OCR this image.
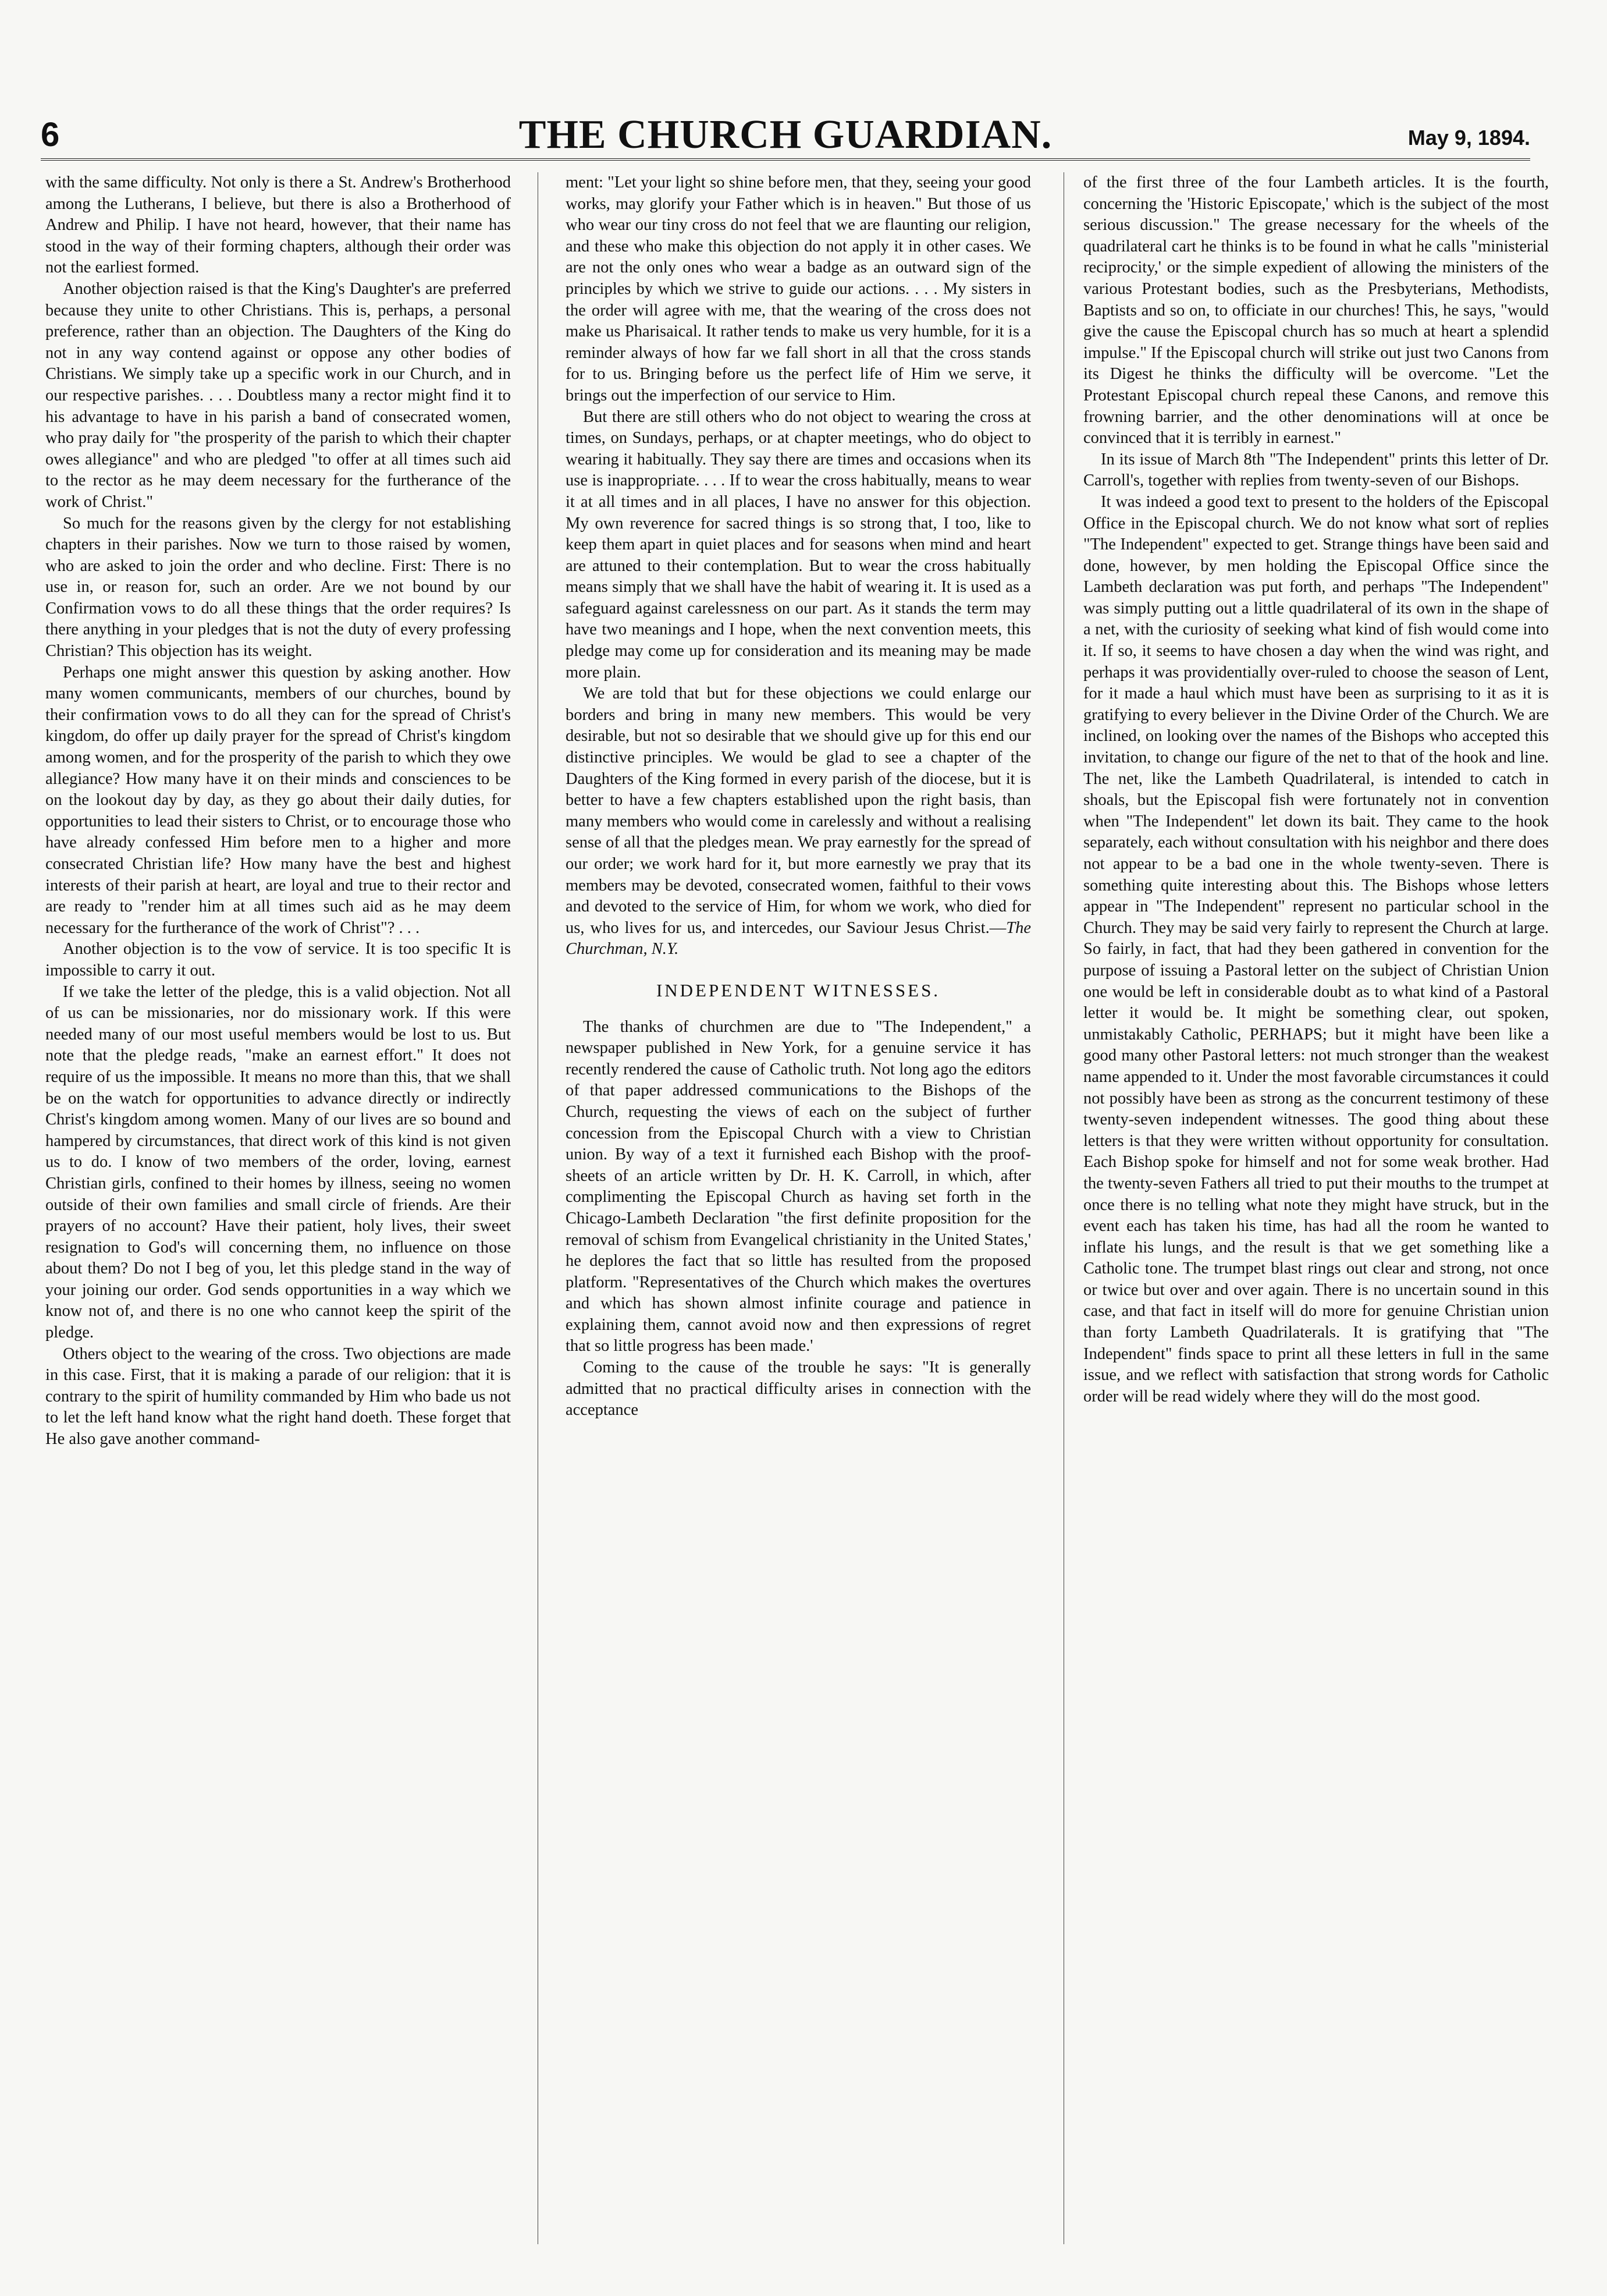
6	THE CHURCH GUARDIAN.	May 9, 1894.

with the same difficulty. Not only is there a St. Andrew's Brotherhood among the Lutherans, I believe, but there is also a Brotherhood of Andrew and Philip. I have not heard, however, that their name has stood in the way of their forming chapters, although their order was not the earliest formed.

Another objection raised is that the King's Daughter's are preferred because they unite to other Christians. This is, perhaps, a personal preference, rather than an objection. The Daughters of the King do not in any way contend against or oppose any other bodies of Christians. We simply take up a specific work in our Church, and in our respective parishes. . . . Doubtless many a rector might find it to his advantage to have in his parish a band of consecrated women, who pray daily for "the prosperity of the parish to which their chapter owes allegiance" and who are pledged "to offer at all times such aid to the rector as he may deem necessary for the furtherance of the work of Christ."

So much for the reasons given by the clergy for not establishing chapters in their parishes. Now we turn to those raised by women, who are asked to join the order and who decline. First: There is no use in, or reason for, such an order. Are we not bound by our Confirmation vows to do all these things that the order requires? Is there anything in your pledges that is not the duty of every professing Christian? This objection has its weight.

Perhaps one might answer this question by asking another. How many women communicants, members of our churches, bound by their confirmation vows to do all they can for the spread of Christ's kingdom, do offer up daily prayer for the spread of Christ's kingdom among women, and for the prosperity of the parish to which they owe allegiance? How many have it on their minds and consciences to be on the lookout day by day, as they go about their daily duties, for opportunities to lead their sisters to Christ, or to encourage those who have already confessed Him before men to a higher and more consecrated Christian life? How many have the best and highest interests of their parish at heart, are loyal and true to their rector and are ready to "render him at all times such aid as he may deem necessary for the furtherance of the work of Christ"? . . .

Another objection is to the vow of service. It is too specific It is impossible to carry it out.

If we take the letter of the pledge, this is a valid objection. Not all of us can be missionaries, nor do missionary work. If this were needed many of our most useful members would be lost to us. But note that the pledge reads, "make an earnest effort." It does not require of us the impossible. It means no more than this, that we shall be on the watch for opportunities to advance directly or indirectly Christ's kingdom among women. Many of our lives are so bound and hampered by circumstances, that direct work of this kind is not given us to do. I know of two members of the order, loving, earnest Christian girls, confined to their homes by illness, seeing no women outside of their own families and small circle of friends. Are their prayers of no account? Have their patient, holy lives, their sweet resignation to God's will concerning them, no influence on those about them? Do not I beg of you, let this pledge stand in the way of your joining our order. God sends opportunities in a way which we know not of, and there is no one who cannot keep the spirit of the pledge.

Others object to the wearing of the cross. Two objections are made in this case. First, that it is making a parade of our religion: that it is contrary to the spirit of humility commanded by Him who bade us not to let the left hand know what the right hand doeth. These forget that He also gave another command-

ment: "Let your light so shine before men, that they, seeing your good works, may glorify your Father which is in heaven." But those of us who wear our tiny cross do not feel that we are flaunting our religion, and these who make this objection do not apply it in other cases. We are not the only ones who wear a badge as an outward sign of the principles by which we strive to guide our actions. . . . My sisters in the order will agree with me, that the wearing of the cross does not make us Pharisaical. It rather tends to make us very humble, for it is a reminder always of how far we fall short in all that the cross stands for to us. Bringing before us the perfect life of Him we serve, it brings out the imperfection of our service to Him.

But there are still others who do not object to wearing the cross at times, on Sundays, perhaps, or at chapter meetings, who do object to wearing it habitually. They say there are times and occasions when its use is inappropriate. . . . If to wear the cross habitually, means to wear it at all times and in all places, I have no answer for this objection. My own reverence for sacred things is so strong that, I too, like to keep them apart in quiet places and for seasons when mind and heart are attuned to their contemplation. But to wear the cross habitually means simply that we shall have the habit of wearing it. It is used as a safeguard against carelessness on our part. As it stands the term may have two meanings and I hope, when the next convention meets, this pledge may come up for consideration and its meaning may be made more plain.

We are told that but for these objections we could enlarge our borders and bring in many new members. This would be very desirable, but not so desirable that we should give up for this end our distinctive principles. We would be glad to see a chapter of the Daughters of the King formed in every parish of the diocese, but it is better to have a few chapters established upon the right basis, than many members who would come in carelessly and without a realising sense of all that the pledges mean. We pray earnestly for the spread of our order; we work hard for it, but more earnestly we pray that its members may be devoted, consecrated women, faithful to their vows and devoted to the service of Him, for whom we work, who died for us, who lives for us, and intercedes, our Saviour Jesus Christ.—The Churchman, N.Y.

INDEPENDENT WITNESSES.

The thanks of churchmen are due to "The Independent," a newspaper published in New York, for a genuine service it has recently rendered the cause of Catholic truth. Not long ago the editors of that paper addressed communications to the Bishops of the Church, requesting the views of each on the subject of further concession from the Episcopal Church with a view to Christian union. By way of a text it furnished each Bishop with the proof-sheets of an article written by Dr. H. K. Carroll, in which, after complimenting the Episcopal Church as having set forth in the Chicago-Lambeth Declaration "the first definite proposition for the removal of schism from Evangelical christianity in the United States,' he deplores the fact that so little has resulted from the proposed platform. "Representatives of the Church which makes the overtures and which has shown almost infinite courage and patience in explaining them, cannot avoid now and then expressions of regret that so little progress has been made.'

Coming to the cause of the trouble he says: "It is generally admitted that no practical difficulty arises in connection with the acceptance

of the first three of the four Lambeth articles. It is the fourth, concerning the 'Historic Episcopate,' which is the subject of the most serious discussion." The grease necessary for the wheels of the quadrilateral cart he thinks is to be found in what he calls "ministerial reciprocity,' or the simple expedient of allowing the ministers of the various Protestant bodies, such as the Presbyterians, Methodists, Baptists and so on, to officiate in our churches! This, he says, "would give the cause the Episcopal church has so much at heart a splendid impulse." If the Episcopal church will strike out just two Canons from its Digest he thinks the difficulty will be overcome. "Let the Protestant Episcopal church repeal these Canons, and remove this frowning barrier, and the other denominations will at once be convinced that it is terribly in earnest."

In its issue of March 8th "The Independent" prints this letter of Dr. Carroll's, together with replies from twenty-seven of our Bishops.

It was indeed a good text to present to the holders of the Episcopal Office in the Episcopal church. We do not know what sort of replies "The Independent" expected to get. Strange things have been said and done, however, by men holding the Episcopal Office since the Lambeth declaration was put forth, and perhaps "The Independent" was simply putting out a little quadrilateral of its own in the shape of a net, with the curiosity of seeking what kind of fish would come into it. If so, it seems to have chosen a day when the wind was right, and perhaps it was providentially over-ruled to choose the season of Lent, for it made a haul which must have been as surprising to it as it is gratifying to every believer in the Divine Order of the Church. We are inclined, on looking over the names of the Bishops who accepted this invitation, to change our figure of the net to that of the hook and line. The net, like the Lambeth Quadrilateral, is intended to catch in shoals, but the Episcopal fish were fortunately not in convention when "The Independent" let down its bait. They came to the hook separately, each without consultation with his neighbor and there does not appear to be a bad one in the whole twenty-seven. There is something quite interesting about this. The Bishops whose letters appear in "The Independent" represent no particular school in the Church. They may be said very fairly to represent the Church at large. So fairly, in fact, that had they been gathered in convention for the purpose of issuing a Pastoral letter on the subject of Christian Union one would be left in considerable doubt as to what kind of a Pastoral letter it would be. It might be something clear, out spoken, unmistakably Catholic, PERHAPS; but it might have been like a good many other Pastoral letters: not much stronger than the weakest name appended to it. Under the most favorable circumstances it could not possibly have been as strong as the concurrent testimony of these twenty-seven independent witnesses. The good thing about these letters is that they were written without opportunity for consultation. Each Bishop spoke for himself and not for some weak brother. Had the twenty-seven Fathers all tried to put their mouths to the trumpet at once there is no telling what note they might have struck, but in the event each has taken his time, has had all the room he wanted to inflate his lungs, and the result is that we get something like a Catholic tone. The trumpet blast rings out clear and strong, not once or twice but over and over again. There is no uncertain sound in this case, and that fact in itself will do more for genuine Christian union than forty Lambeth Quadrilaterals. It is gratifying that "The Independent" finds space to print all these letters in full in the same issue, and we reflect with satisfaction that strong words for Catholic order will be read widely where they will do the most good.
